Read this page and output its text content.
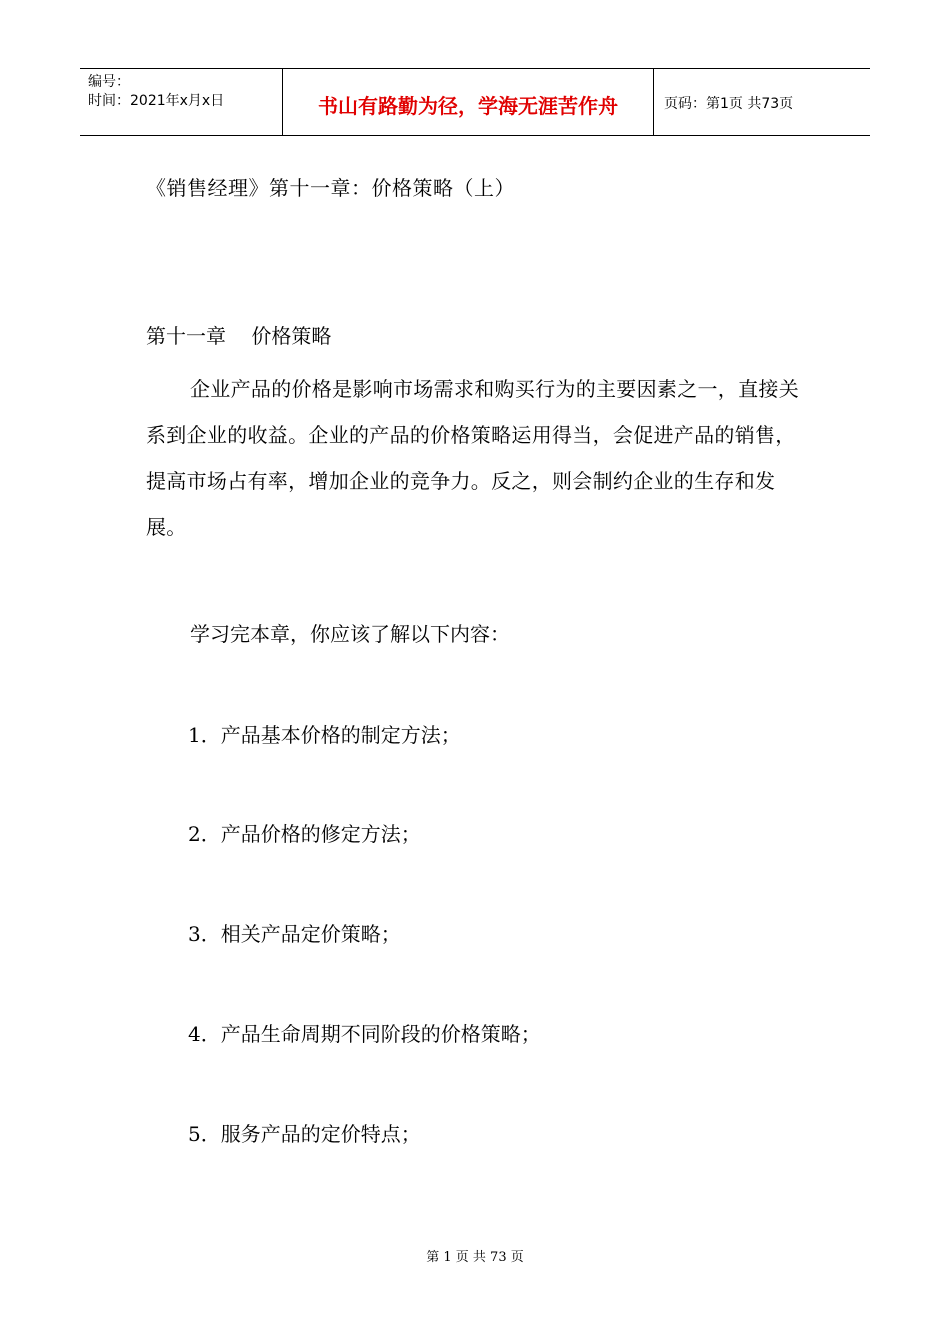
编号：
时间：2021年x月x日	书山有路勤为径，学海无涯苦作舟	页码：第1页 共73页
《销售经理》第十一章：价格策略（上）
第十一章    价格策略

企业产品的价格是影响市场需求和购买行为的主要因素之一，直接关系到企业的收益。企业的产品的价格策略运用得当，会促进产品的销售，提高市场占有率，增加企业的竞争力。反之，则会制约企业的生存和发展。

学习完本章，你应该了解以下内容：
1．产品基本价格的制定方法；
2．产品价格的修定方法；
3．相关产品定价策略；
4．产品生命周期不同阶段的价格策略；
5．服务产品的定价特点；
第 1 页 共 73 页
